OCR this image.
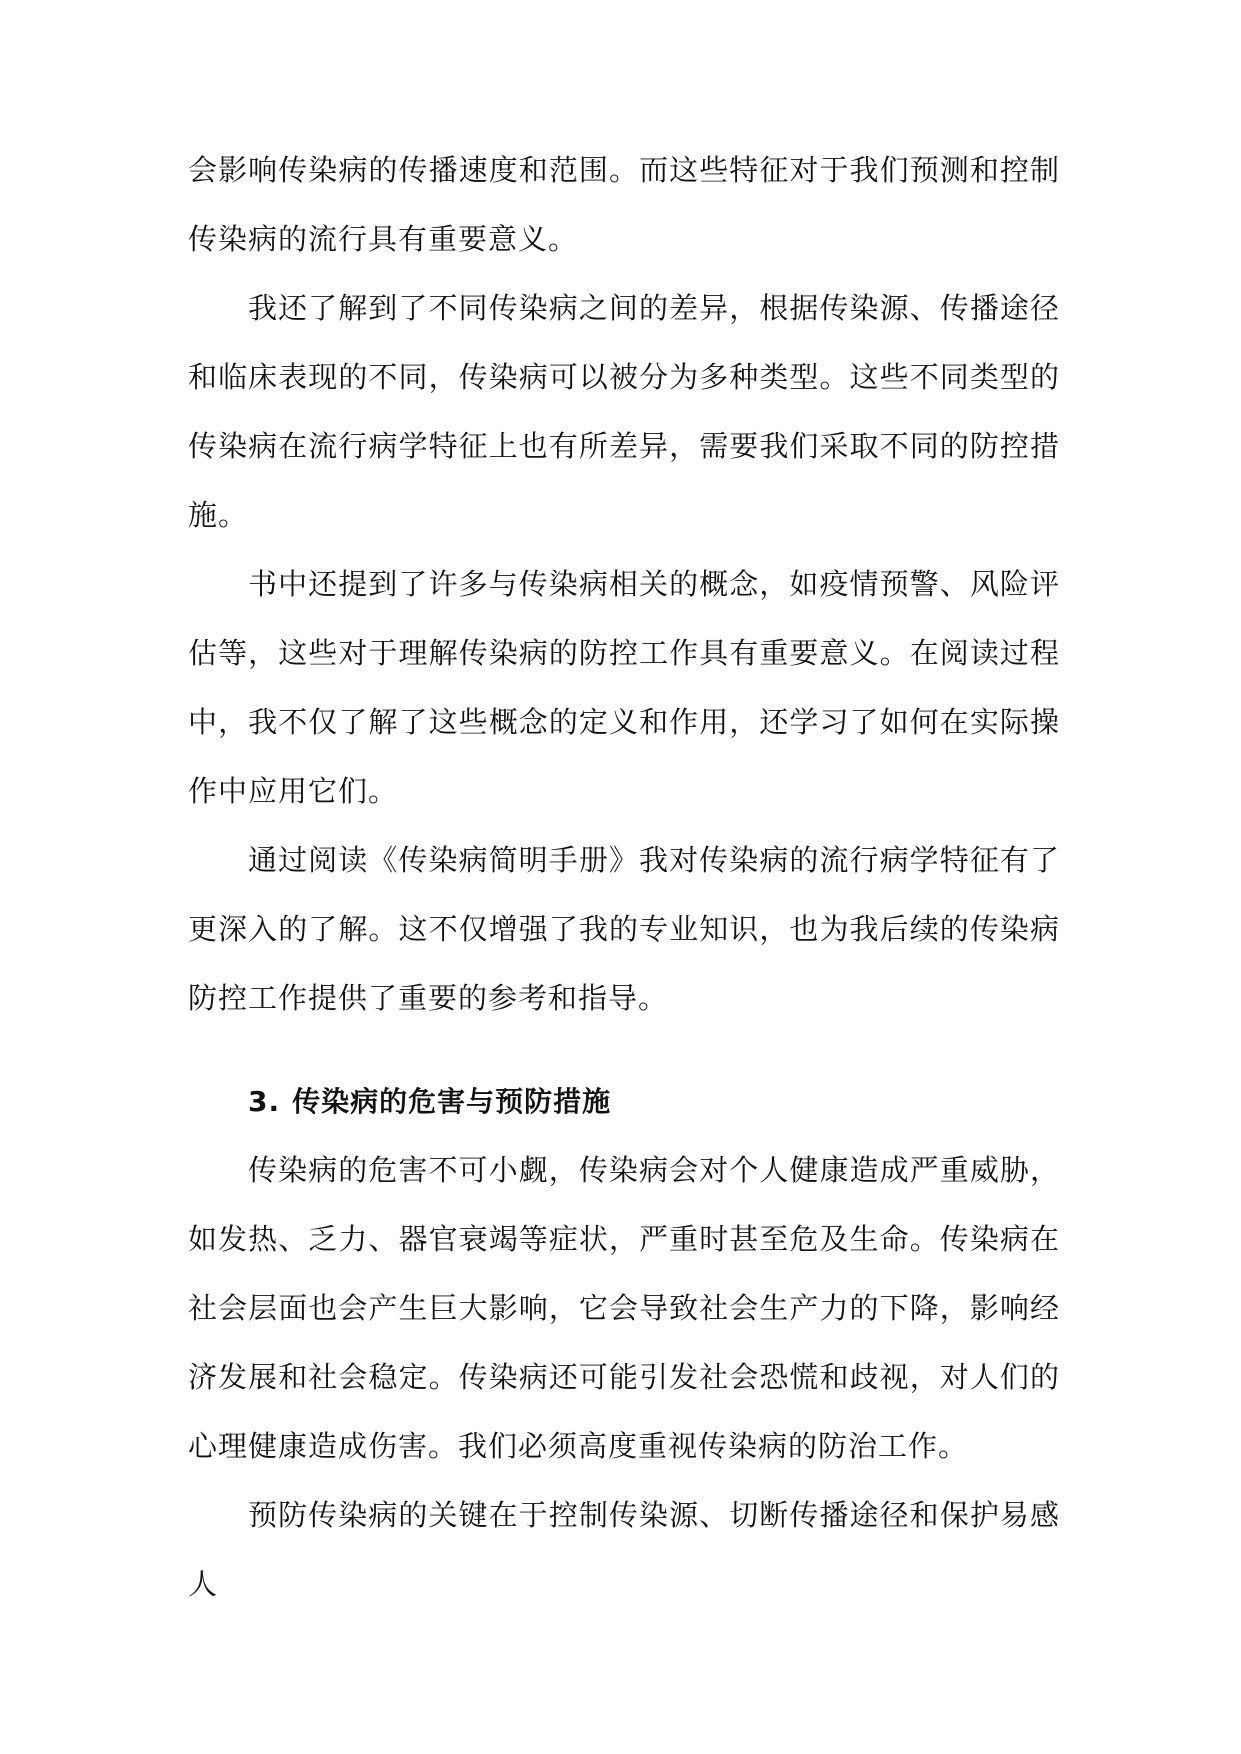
会影响传染病的传播速度和范围。而这些特征对于我们预测和控制传染病的流行具有重要意义。

我还了解到了不同传染病之间的差异，根据传染源、传播途径和临床表现的不同，传染病可以被分为多种类型。这些不同类型的传染病在流行病学特征上也有所差异，需要我们采取不同的防控措施。

书中还提到了许多与传染病相关的概念，如疫情预警、风险评估等，这些对于理解传染病的防控工作具有重要意义。在阅读过程中，我不仅了解了这些概念的定义和作用，还学习了如何在实际操作中应用它们。

通过阅读《传染病简明手册》我对传染病的流行病学特征有了更深入的了解。这不仅增强了我的专业知识，也为我后续的传染病防控工作提供了重要的参考和指导。

3. 传染病的危害与预防措施

传染病的危害不可小觑，传染病会对个人健康造成严重威胁，如发热、乏力、器官衰竭等症状，严重时甚至危及生命。传染病在社会层面也会产生巨大影响，它会导致社会生产力的下降，影响经济发展和社会稳定。传染病还可能引发社会恐慌和歧视，对人们的心理健康造成伤害。我们必须高度重视传染病的防治工作。

预防传染病的关键在于控制传染源、切断传播途径和保护易感人
